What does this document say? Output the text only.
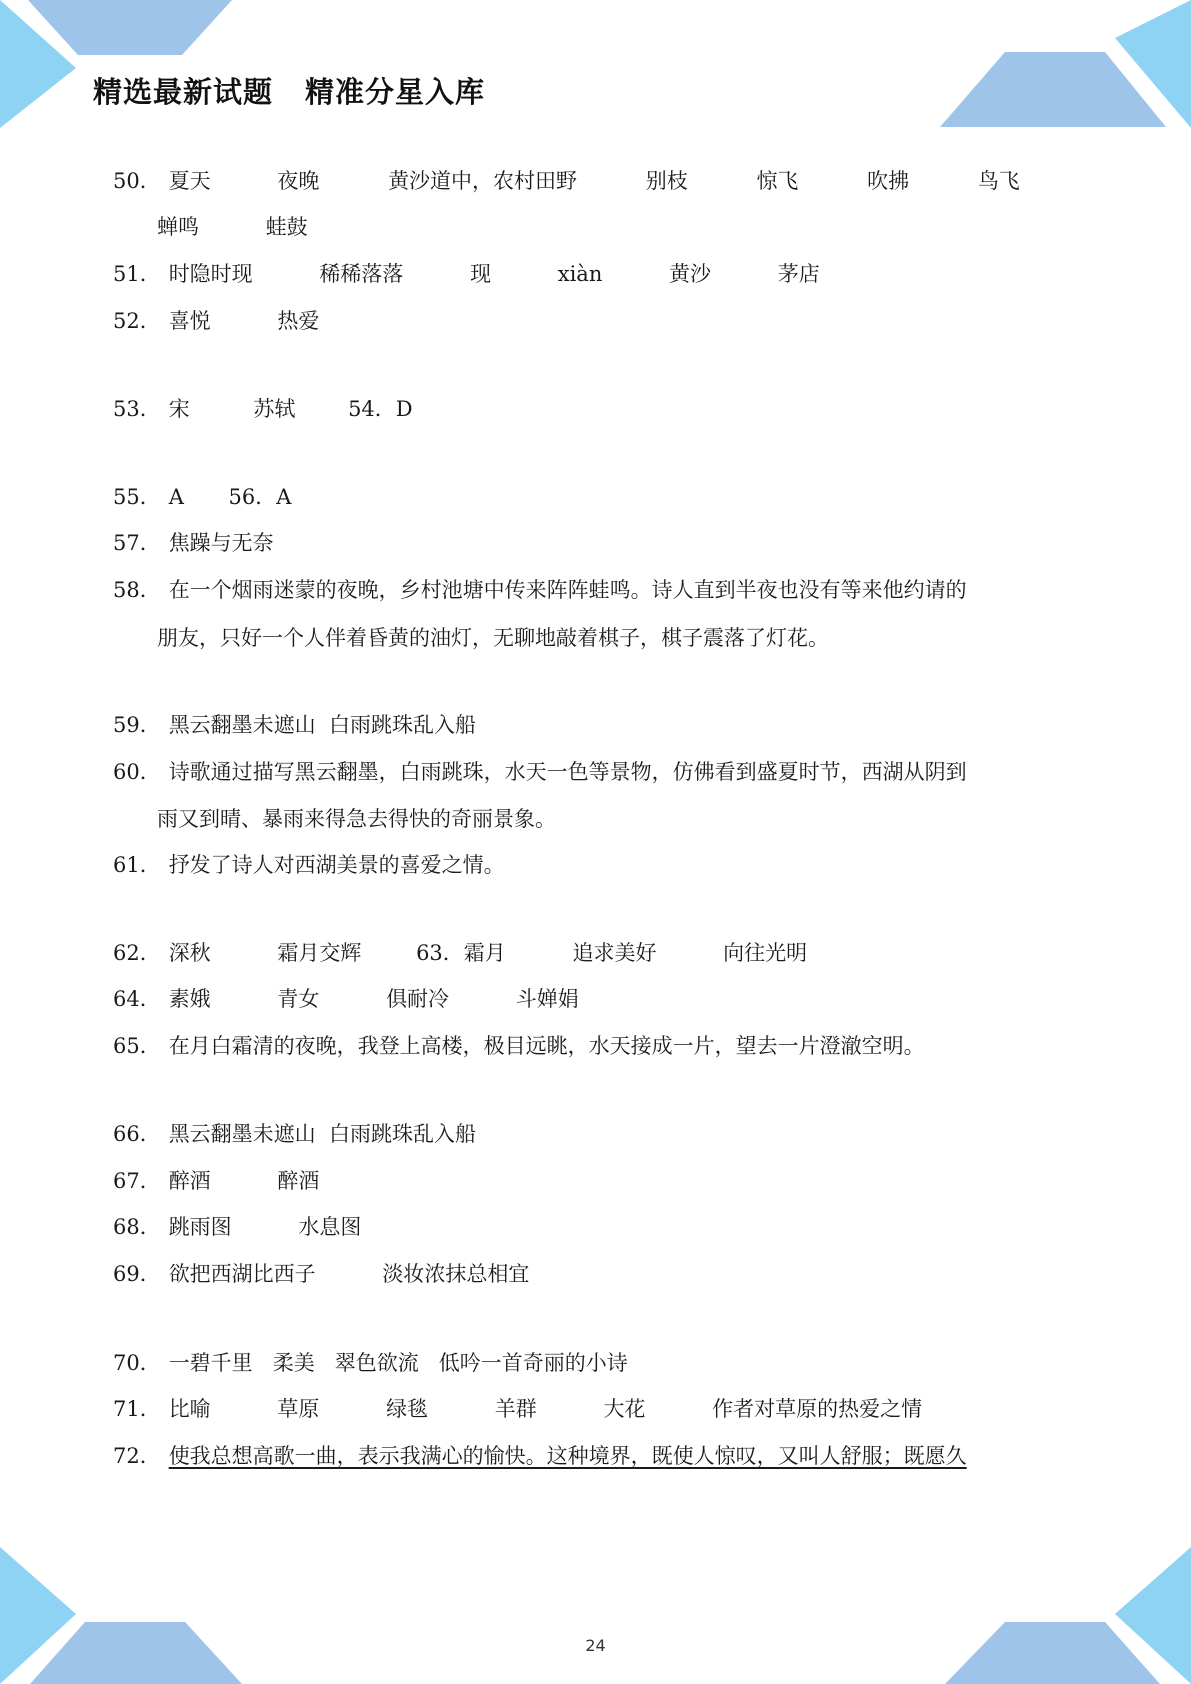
精选最新试题 精准分星入库
50． 夏天	夜晚	黄沙道中，农村田野	别枝	惊飞	吹拂	鸟飞
蝉鸣	蛙鼓
51． 时隐时现	稀稀落落	现	xiàn	黄沙	茅店
52． 喜悦	热爱
53． 宋	苏轼	54．D
55． A 56．A
57． 焦躁与无奈
58． 在一个烟雨迷蒙的夜晚，乡村池塘中传来阵阵蛙鸣。诗人直到半夜也没有等来他约请的
朋友，只好一个人伴着昏黄的油灯，无聊地敲着棋子，棋子震落了灯花。
59． 黑云翻墨未遮山  白雨跳珠乱入船
60． 诗歌通过描写黑云翻墨，白雨跳珠，水天一色等景物，仿佛看到盛夏时节，西湖从阴到
雨又到晴、暴雨来得急去得快的奇丽景象。
61． 抒发了诗人对西湖美景的喜爱之情。
62． 深秋	霜月交辉	63．霜月	追求美好	向往光明
64． 素娥	青女	俱耐冷	斗婵娟
65． 在月白霜清的夜晚，我登上高楼，极目远眺，水天接成一片，望去一片澄澈空明。
66． 黑云翻墨未遮山  白雨跳珠乱入船
67． 醉酒	醉酒
68． 跳雨图	水息图
69． 欲把西湖比西子	淡妆浓抹总相宜
70． 一碧千里   柔美   翠色欲流   低吟一首奇丽的小诗
71． 比喻	草原	绿毯	羊群	大花	作者对草原的热爱之情
72． 使我总想高歌一曲，表示我满心的愉快。这种境界，既使人惊叹，又叫人舒服；既愿久
24
